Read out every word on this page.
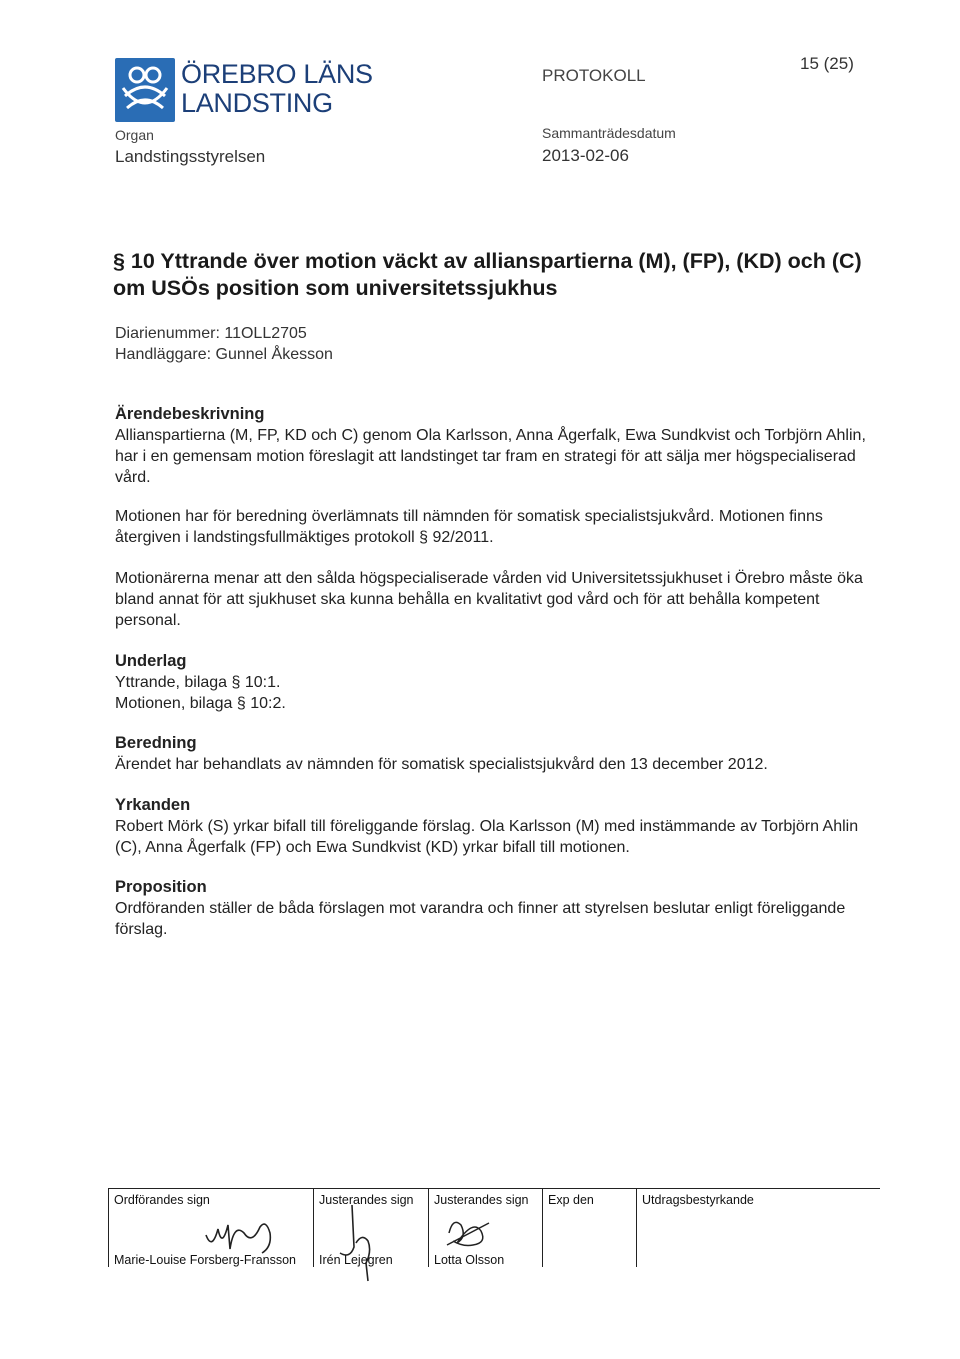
ÖREBRO LÄNS
LANDSTING
Organ
Landstingsstyrelsen
PROTOKOLL
Sammanträdesdatum
2013-02-06
15 (25)
§ 10 Yttrande över motion väckt av allianspartierna (M), (FP), (KD) och (C) om USÖs position som universitetssjukhus
Diarienummer: 11OLL2705
Handläggare: Gunnel Åkesson
Ärendebeskrivning

Allianspartierna (M, FP, KD och C) genom Ola Karlsson, Anna Ågerfalk, Ewa Sundkvist och Torbjörn Ahlin, har i en gemensam motion föreslagit att landstinget tar fram en strategi för att sälja mer högspecialiserad vård.

Motionen har för beredning överlämnats till nämnden för somatisk specialistsjukvård. Motionen finns återgiven i landstingsfullmäktiges protokoll § 92/2011.

Motionärerna menar att den sålda högspecialiserade vården vid Universitetssjukhuset i Örebro måste öka bland annat för att sjukhuset ska kunna behålla en kvalitativt god vård och för att behålla kompetent personal.

Underlag

Yttrande, bilaga § 10:1.

Motionen, bilaga § 10:2.

Beredning

Ärendet har behandlats av nämnden för somatisk specialistsjukvård den 13 december 2012.

Yrkanden

Robert Mörk (S) yrkar bifall till föreliggande förslag. Ola Karlsson (M) med instämmande av Torbjörn Ahlin (C), Anna Ågerfalk (FP) och Ewa Sundkvist (KD) yrkar bifall till motionen.

Proposition

Ordföranden ställer de båda förslagen mot varandra och finner att styrelsen beslutar enligt föreliggande förslag.

Ordförandes sign
Marie-Louise Forsberg-Fransson
Justerandes sign
Irén Lejegren
Justerandes sign
Lotta Olsson
Exp den	Utdragsbestyrkande
